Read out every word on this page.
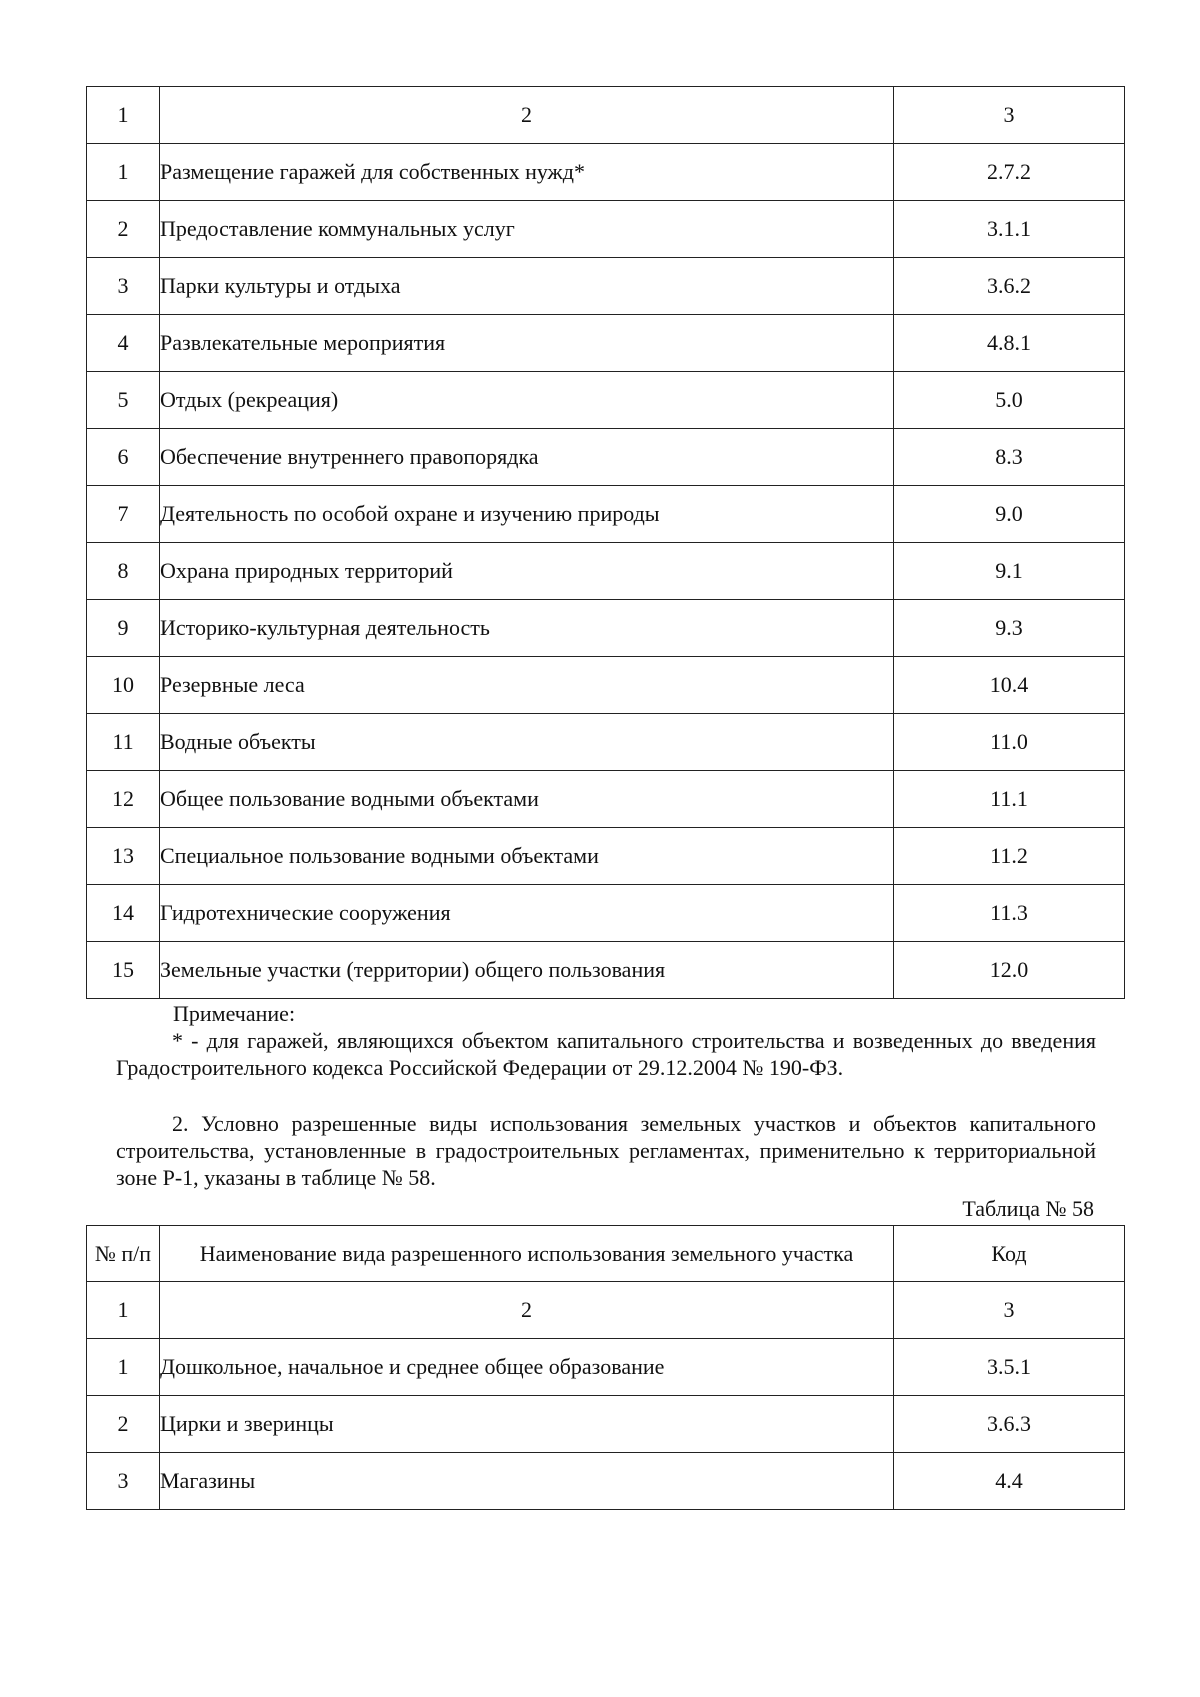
1	2	3
1	Размещение гаражей для собственных нужд*	2.7.2
2	Предоставление коммунальных услуг	3.1.1
3	Парки культуры и отдыха	3.6.2
4	Развлекательные мероприятия	4.8.1
5	Отдых (рекреация)	5.0
6	Обеспечение внутреннего правопорядка	8.3
7	Деятельность по особой охране и изучению природы	9.0
8	Охрана природных территорий	9.1
9	Историко-культурная деятельность	9.3
10	Резервные леса	10.4
11	Водные объекты	11.0
12	Общее пользование водными объектами	11.1
13	Специальное пользование водными объектами	11.2
14	Гидротехнические сооружения	11.3
15	Земельные участки (территории) общего пользования	12.0
Примечание:
* - для гаражей, являющихся объектом капитального строительства и возведенных до введения Градостроительного кодекса Российской Федерации от 29.12.2004 № 190-ФЗ.
2. Условно разрешенные виды использования земельных участков и объектов капитального строительства, установленные в градостроительных регламентах, применительно к территориальной зоне Р-1, указаны в таблице № 58.
Таблица № 58
№ п/п	Наименование вида разрешенного использования земельного участка	Код
1	2	3
1	Дошкольное, начальное и среднее общее образование	3.5.1
2	Цирки и зверинцы	3.6.3
3	Магазины	4.4
